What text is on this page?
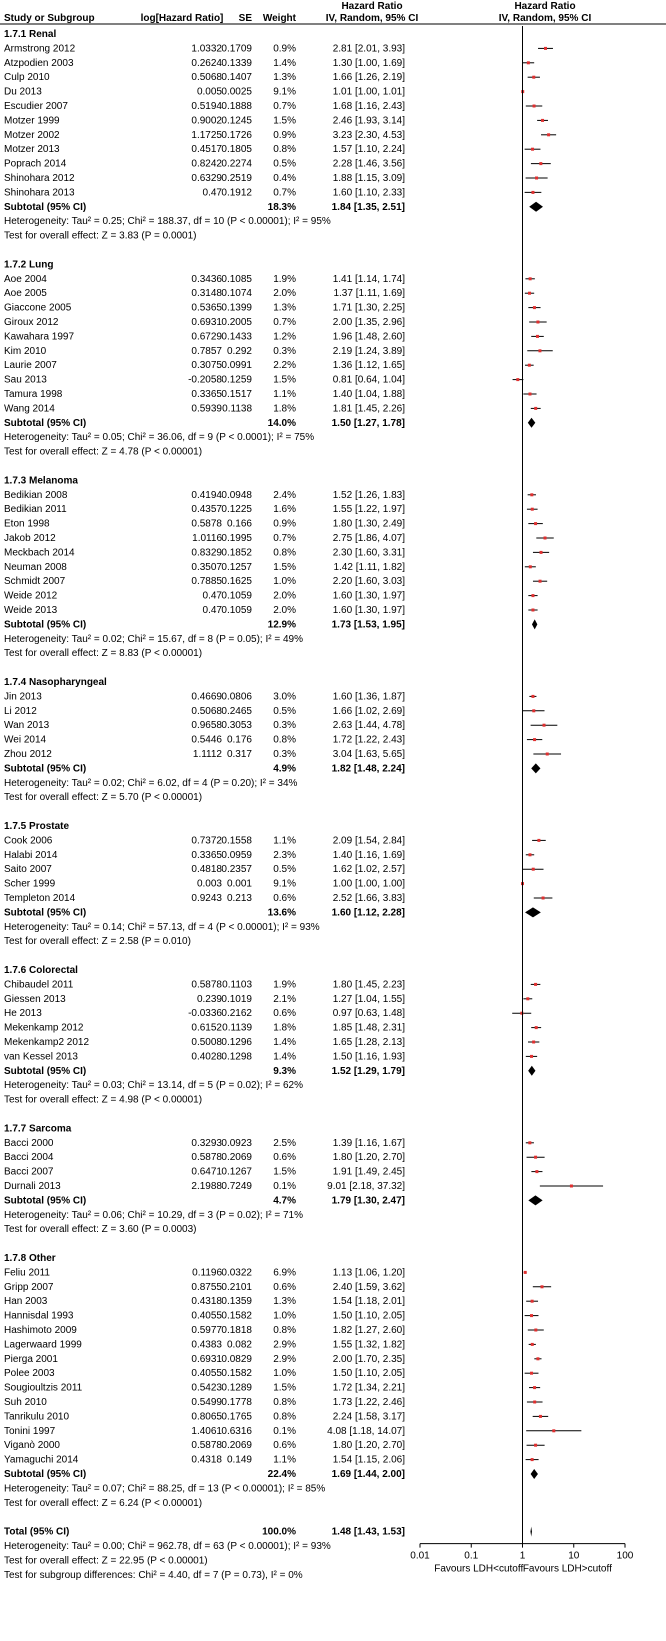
Study or Subgroup	log[Hazard Ratio] SE Weight
Hazard Ratio
IV, Random, 95% CI
Hazard Ratio
IV, Random, 95% CI
1.7.1 Renal
Armstrong 2012	1.0332 0.1709 0.9%	2.81 [2.01, 3.93]
Atzpodien 2003	0.2624 0.1339 1.4%	1.30 [1.00, 1.69]
Culp 2010	0.5068 0.1407 1.3%	1.66 [1.26, 2.19]
Du 2013	0.005 0.0025 9.1%	1.01 [1.00, 1.01]
Escudier 2007	0.5194 0.1888 0.7%	1.68 [1.16, 2.43]
Motzer 1999	0.9002 0.1245 1.5%	2.46 [1.93, 3.14]
Motzer 2002	1.1725 0.1726 0.9%	3.23 [2.30, 4.53]
Motzer 2013	0.4517 0.1805 0.8%	1.57 [1.10, 2.24]
Poprach 2014	0.8242 0.2274 0.5%	2.28 [1.46, 3.56]
Shinohara 2012	0.6329 0.2519 0.4%	1.88 [1.15, 3.09]
Shinohara 2013	0.47 0.1912 0.7%	1.60 [1.10, 2.33]
Subtotal (95% CI)	18.3%	1.84 [1.35, 2.51]
Heterogeneity: Tau² = 0.25; Chi² = 188.37, df = 10 (P < 0.00001); I² = 95%
Test for overall effect: Z = 3.83 (P = 0.0001)
1.7.2 Lung
Aoe 2004	0.3436 0.1085 1.9%	1.41 [1.14, 1.74]
Aoe 2005	0.3148 0.1074 2.0%	1.37 [1.11, 1.69]
Giaccone 2005	0.5365 0.1399 1.3%	1.71 [1.30, 2.25]
Giroux 2012	0.6931 0.2005 0.7%	2.00 [1.35, 2.96]
Kawahara 1997	0.6729 0.1433 1.2%	1.96 [1.48, 2.60]
Kim 2010	0.7857 0.292 0.3%	2.19 [1.24, 3.89]
Laurie 2007	0.3075 0.0991 2.2%	1.36 [1.12, 1.65]
Sau 2013	-0.2058 0.1259 1.5%	0.81 [0.64, 1.04]
Tamura 1998	0.3365 0.1517 1.1%	1.40 [1.04, 1.88]
Wang 2014	0.5939 0.1138 1.8%	1.81 [1.45, 2.26]
Subtotal (95% CI)	14.0%	1.50 [1.27, 1.78]
Heterogeneity: Tau² = 0.05; Chi² = 36.06, df = 9 (P < 0.0001); I² = 75%
Test for overall effect: Z = 4.78 (P < 0.00001)
1.7.3 Melanoma
Bedikian 2008	0.4194 0.0948 2.4%	1.52 [1.26, 1.83]
Bedikian 2011	0.4357 0.1225 1.6%	1.55 [1.22, 1.97]
Eton 1998	0.5878 0.166 0.9%	1.80 [1.30, 2.49]
Jakob 2012	1.0116 0.1995 0.7%	2.75 [1.86, 4.07]
Meckbach 2014	0.8329 0.1852 0.8%	2.30 [1.60, 3.31]
Neuman 2008	0.3507 0.1257 1.5%	1.42 [1.11, 1.82]
Schmidt 2007	0.7885 0.1625 1.0%	2.20 [1.60, 3.03]
Weide 2012	0.47 0.1059 2.0%	1.60 [1.30, 1.97]
Weide 2013	0.47 0.1059 2.0%	1.60 [1.30, 1.97]
Subtotal (95% CI)	12.9%	1.73 [1.53, 1.95]
Heterogeneity: Tau² = 0.02; Chi² = 15.67, df = 8 (P = 0.05); I² = 49%
Test for overall effect: Z = 8.83 (P < 0.00001)
1.7.4 Nasopharyngeal
Jin 2013	0.4669 0.0806 3.0%	1.60 [1.36, 1.87]
Li 2012	0.5068 0.2465 0.5%	1.66 [1.02, 2.69]
Wan 2013	0.9658 0.3053 0.3%	2.63 [1.44, 4.78]
Wei 2014	0.5446 0.176 0.8%	1.72 [1.22, 2.43]
Zhou 2012	1.1112 0.317 0.3%	3.04 [1.63, 5.65]
Subtotal (95% CI)	4.9%	1.82 [1.48, 2.24]
Heterogeneity: Tau² = 0.02; Chi² = 6.02, df = 4 (P = 0.20); I² = 34%
Test for overall effect: Z = 5.70 (P < 0.00001)
1.7.5 Prostate
Cook 2006	0.7372 0.1558 1.1%	2.09 [1.54, 2.84]
Halabi 2014	0.3365 0.0959 2.3%	1.40 [1.16, 1.69]
Saito 2007	0.4818 0.2357 0.5%	1.62 [1.02, 2.57]
Scher 1999	0.003 0.001 9.1%	1.00 [1.00, 1.00]
Templeton 2014	0.9243 0.213 0.6%	2.52 [1.66, 3.83]
Subtotal (95% CI)	13.6%	1.60 [1.12, 2.28]
Heterogeneity: Tau² = 0.14; Chi² = 57.13, df = 4 (P < 0.00001); I² = 93%
Test for overall effect: Z = 2.58 (P = 0.010)
1.7.6 Colorectal
Chibaudel 2011	0.5878 0.1103 1.9%	1.80 [1.45, 2.23]
Giessen 2013	0.239 0.1019 2.1%	1.27 [1.04, 1.55]
He 2013	-0.0336 0.2162 0.6%	0.97 [0.63, 1.48]
Mekenkamp 2012	0.6152 0.1139 1.8%	1.85 [1.48, 2.31]
Mekenkamp2 2012	0.5008 0.1296 1.4%	1.65 [1.28, 2.13]
van Kessel 2013	0.4028 0.1298 1.4%	1.50 [1.16, 1.93]
Subtotal (95% CI)	9.3%	1.52 [1.29, 1.79]
Heterogeneity: Tau² = 0.03; Chi² = 13.14, df = 5 (P = 0.02); I² = 62%
Test for overall effect: Z = 4.98 (P < 0.00001)
1.7.7 Sarcoma
Bacci 2000	0.3293 0.0923 2.5%	1.39 [1.16, 1.67]
Bacci 2004	0.5878 0.2069 0.6%	1.80 [1.20, 2.70]
Bacci 2007	0.6471 0.1267 1.5%	1.91 [1.49, 2.45]
Durnali 2013	2.1988 0.7249 0.1%	9.01 [2.18, 37.32]
Subtotal (95% CI)	4.7%	1.79 [1.30, 2.47]
Heterogeneity: Tau² = 0.06; Chi² = 10.29, df = 3 (P = 0.02); I² = 71%
Test for overall effect: Z = 3.60 (P = 0.0003)
1.7.8 Other
Feliu 2011	0.1196 0.0322 6.9%	1.13 [1.06, 1.20]
Gripp 2007	0.8755 0.2101 0.6%	2.40 [1.59, 3.62]
Han 2003	0.4318 0.1359 1.3%	1.54 [1.18, 2.01]
Hannisdal 1993	0.4055 0.1582 1.0%	1.50 [1.10, 2.05]
Hashimoto 2009	0.5977 0.1818 0.8%	1.82 [1.27, 2.60]
Lagerwaard 1999	0.4383 0.082 2.9%	1.55 [1.32, 1.82]
Pierga 2001	0.6931 0.0829 2.9%	2.00 [1.70, 2.35]
Polee 2003	0.4055 0.1582 1.0%	1.50 [1.10, 2.05]
Sougioultzis 2011	0.5423 0.1289 1.5%	1.72 [1.34, 2.21]
Suh 2010	0.5499 0.1778 0.8%	1.73 [1.22, 2.46]
Tanrikulu 2010	0.8065 0.1765 0.8%	2.24 [1.58, 3.17]
Tonini 1997	1.4061 0.6316 0.1%	4.08 [1.18, 14.07]
Viganò 2000	0.5878 0.2069 0.6%	1.80 [1.20, 2.70]
Yamaguchi 2014	0.4318 0.149 1.1%	1.54 [1.15, 2.06]
Subtotal (95% CI)	22.4%	1.69 [1.44, 2.00]
Heterogeneity: Tau² = 0.07; Chi² = 88.25, df = 13 (P < 0.00001); I² = 85%
Test for overall effect: Z = 6.24 (P < 0.00001)
Total (95% CI)	100.0%	1.48 [1.43, 1.53]
Heterogeneity: Tau² = 0.00; Chi² = 962.78, df = 63 (P < 0.00001); I² = 93%
Test for overall effect: Z = 22.95 (P < 0.00001)
Test for subgroup differences: Chi² = 4.40, df = 7 (P = 0.73), I² = 0%
0.01	0.1	1	10	100
Favours LDH<cutoff Favours LDH>cutoff
